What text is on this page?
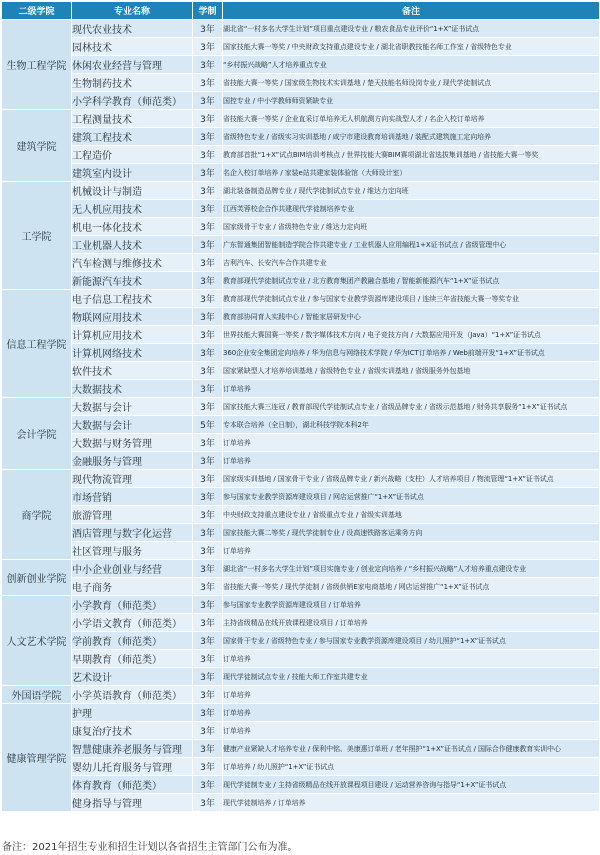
二级学院	专业名称	学制	备注
生物工程学院	现代农业技术	3年	湖北省“一村多名大学生计划”项目重点建设专业 / 粮农食品专业评价“1+X”证书试点
	园林技术	3年	国家技能大赛一等奖 / 中央财政支持重点建设专业 / 湖北省职教技能名师工作室 / 省级特色专业
	休闲农业经营与管理	3年	“乡村振兴战略”人才培养重点专业
	生物制药技术	3年	省技能大赛一等奖 / 国家级生物技术实训基地 / 楚天技能名师设岗专业 / 现代学徒制试点
	小学科学教育（师范类）	3年	国控专业 / 中小学教师师资紧缺专业
建筑学院	工程测量技术	3年	省技能大赛一等奖 / 企业直采订单培养无人机航测方向实战型人才 / 名企入校订单培养
	建筑工程技术	3年	省级特色专业 / 省级实习实训基地 / 咸宁市建设教育培训基地 / 装配式建筑施工定向培养
	工程造价	3年	教育部首批“1+X”试点BIM培训考核点 / 世界技能大赛BIM赛项湖北省选拔集训基地 / 省技能大赛一等奖
	建筑室内设计	3年	名企入校订单培养 / 家装e站共建家装体验馆（大师设计室）
工学院	机械设计与制造	3年	湖北装备制造品牌专业 / 现代学徒制试点专业 / 维达力定向班
	无人机应用技术	3年	江西芙蓉校企合作共建现代学徒制培养专业
	机电一体化技术	3年	国家级骨干专业 / 省级特色专业 / 维达力定向班
	工业机器人技术	3年	广东智通集团智能制造学院合作共建专业 / 工业机器人应用编程1+X证书试点 / 省级管理中心
	汽车检测与维修技术	3年	吉利汽车、长安汽车合作共建专业
	新能源汽车技术	3年	教育部现代学徒制试点专业 / 北方教育集团产教融合基地 / 智能新能源汽车“1+X”证书试点
信息工程学院	电子信息工程技术	3年	教育部现代学徒制试点专业 / 参与国家专业教学资源库建设项目 / 连续三年省技能大赛一等奖专业
	物联网应用技术	3年	教育部协同育人实践中心 / 智能家居研发中心
	计算机应用技术	3年	世界技能大赛国赛一等奖 / 数字媒体技术方向 / 电子竞技方向 / 大数据应用开发（Java）“1+X”证书试点
	计算机网络技术	3年	360企业安全集团定向培养 / 华为信息与网络技术学院 / 华为ICT订单培养 / Web前端开发“1+X”证书试点
	软件技术	3年	国家紧缺型人才培养培训基地 / 省级特色专业 / 省级实训基地 / 省级服务外包基地
	大数据技术	3年	订单培养
会计学院	大数据与会计	3年	国家技能大赛三连冠 / 教育部现代学徒制试点专业 / 省级品牌专业 / 省级示范基地 / 财务共享服务“1+X”证书试点
	大数据与会计	5年	专本联合培养（全日制），湖北科技学院本科2年
	大数据与财务管理	3年	订单培养
	金融服务与管理	3年	订单培养
商学院	现代物流管理	3年	国家级实训基地 / 国家骨干专业 / 省级品牌专业 / 新兴战略（支柱）人才培养项目 / 物流管理“1+X”证书试点
	市场营销	3年	参与国家专业教学资源库建设项目 / 网店运营推广“1+X”证书试点
	旅游管理	3年	中央财政支持重点建设专业 / 省级重点专业 / 省级实训基地
	酒店管理与数字化运营	3年	国家技能大赛二等奖 / 现代学徒制专业 / 设高速铁路客运乘务方向
	社区管理与服务	3年	订单培养
创新创业学院	中小企业创业与经营	3年	湖北省“一村多名大学生计划”项目实施专业 / 创业定向培养 / “乡村振兴战略”人才培养重点建设专业
	电子商务	3年	省技能大赛一等奖 / 现代学徒制 / 省级供销E家电商基地 / 网店运营推广“1+X”证书试点
人文艺术学院	小学教育（师范类）	3年	参与国家专业教学资源库建设项目 / 订单培养
	小学语文教育（师范类）	3年	主持省级精品在线开放课程建设项目 / 订单培养
	学前教育（师范类）	3年	国家骨干专业 / 省级特色专业 / 参与国家专业教学资源库建设项目 / 幼儿照护“1+X”证书试点
	早期教育（师范类）	3年	订单培养
	艺术设计	3年	现代学徒制试点专业 / 技能大师工作室共建专业
外国语学院	小学英语教育（师范类）	3年	订单培养
健康管理学院	护理	3年	订单培养
	康复治疗技术	3年	订单培养
	智慧健康养老服务与管理	3年	健康产业紧缺人才培养专业 / 保利中铭、美康惠订单班 / 老年照护“1+X”证书试点 / 国际合作健康教育实训中心
	婴幼儿托育服务与管理	3年	订单培养 / 幼儿照护“1+X”证书试点
	体育教育（师范类）	3年	现代学徒制专业 / 主持省级精品在线开放课程项目建设 / 运动营养咨询与指导“1+X”证书试点
	健身指导与管理	3年	现代学徒制培养 / 订单培养
备注：2021年招生专业和招生计划以各省招生主管部门公布为准。
